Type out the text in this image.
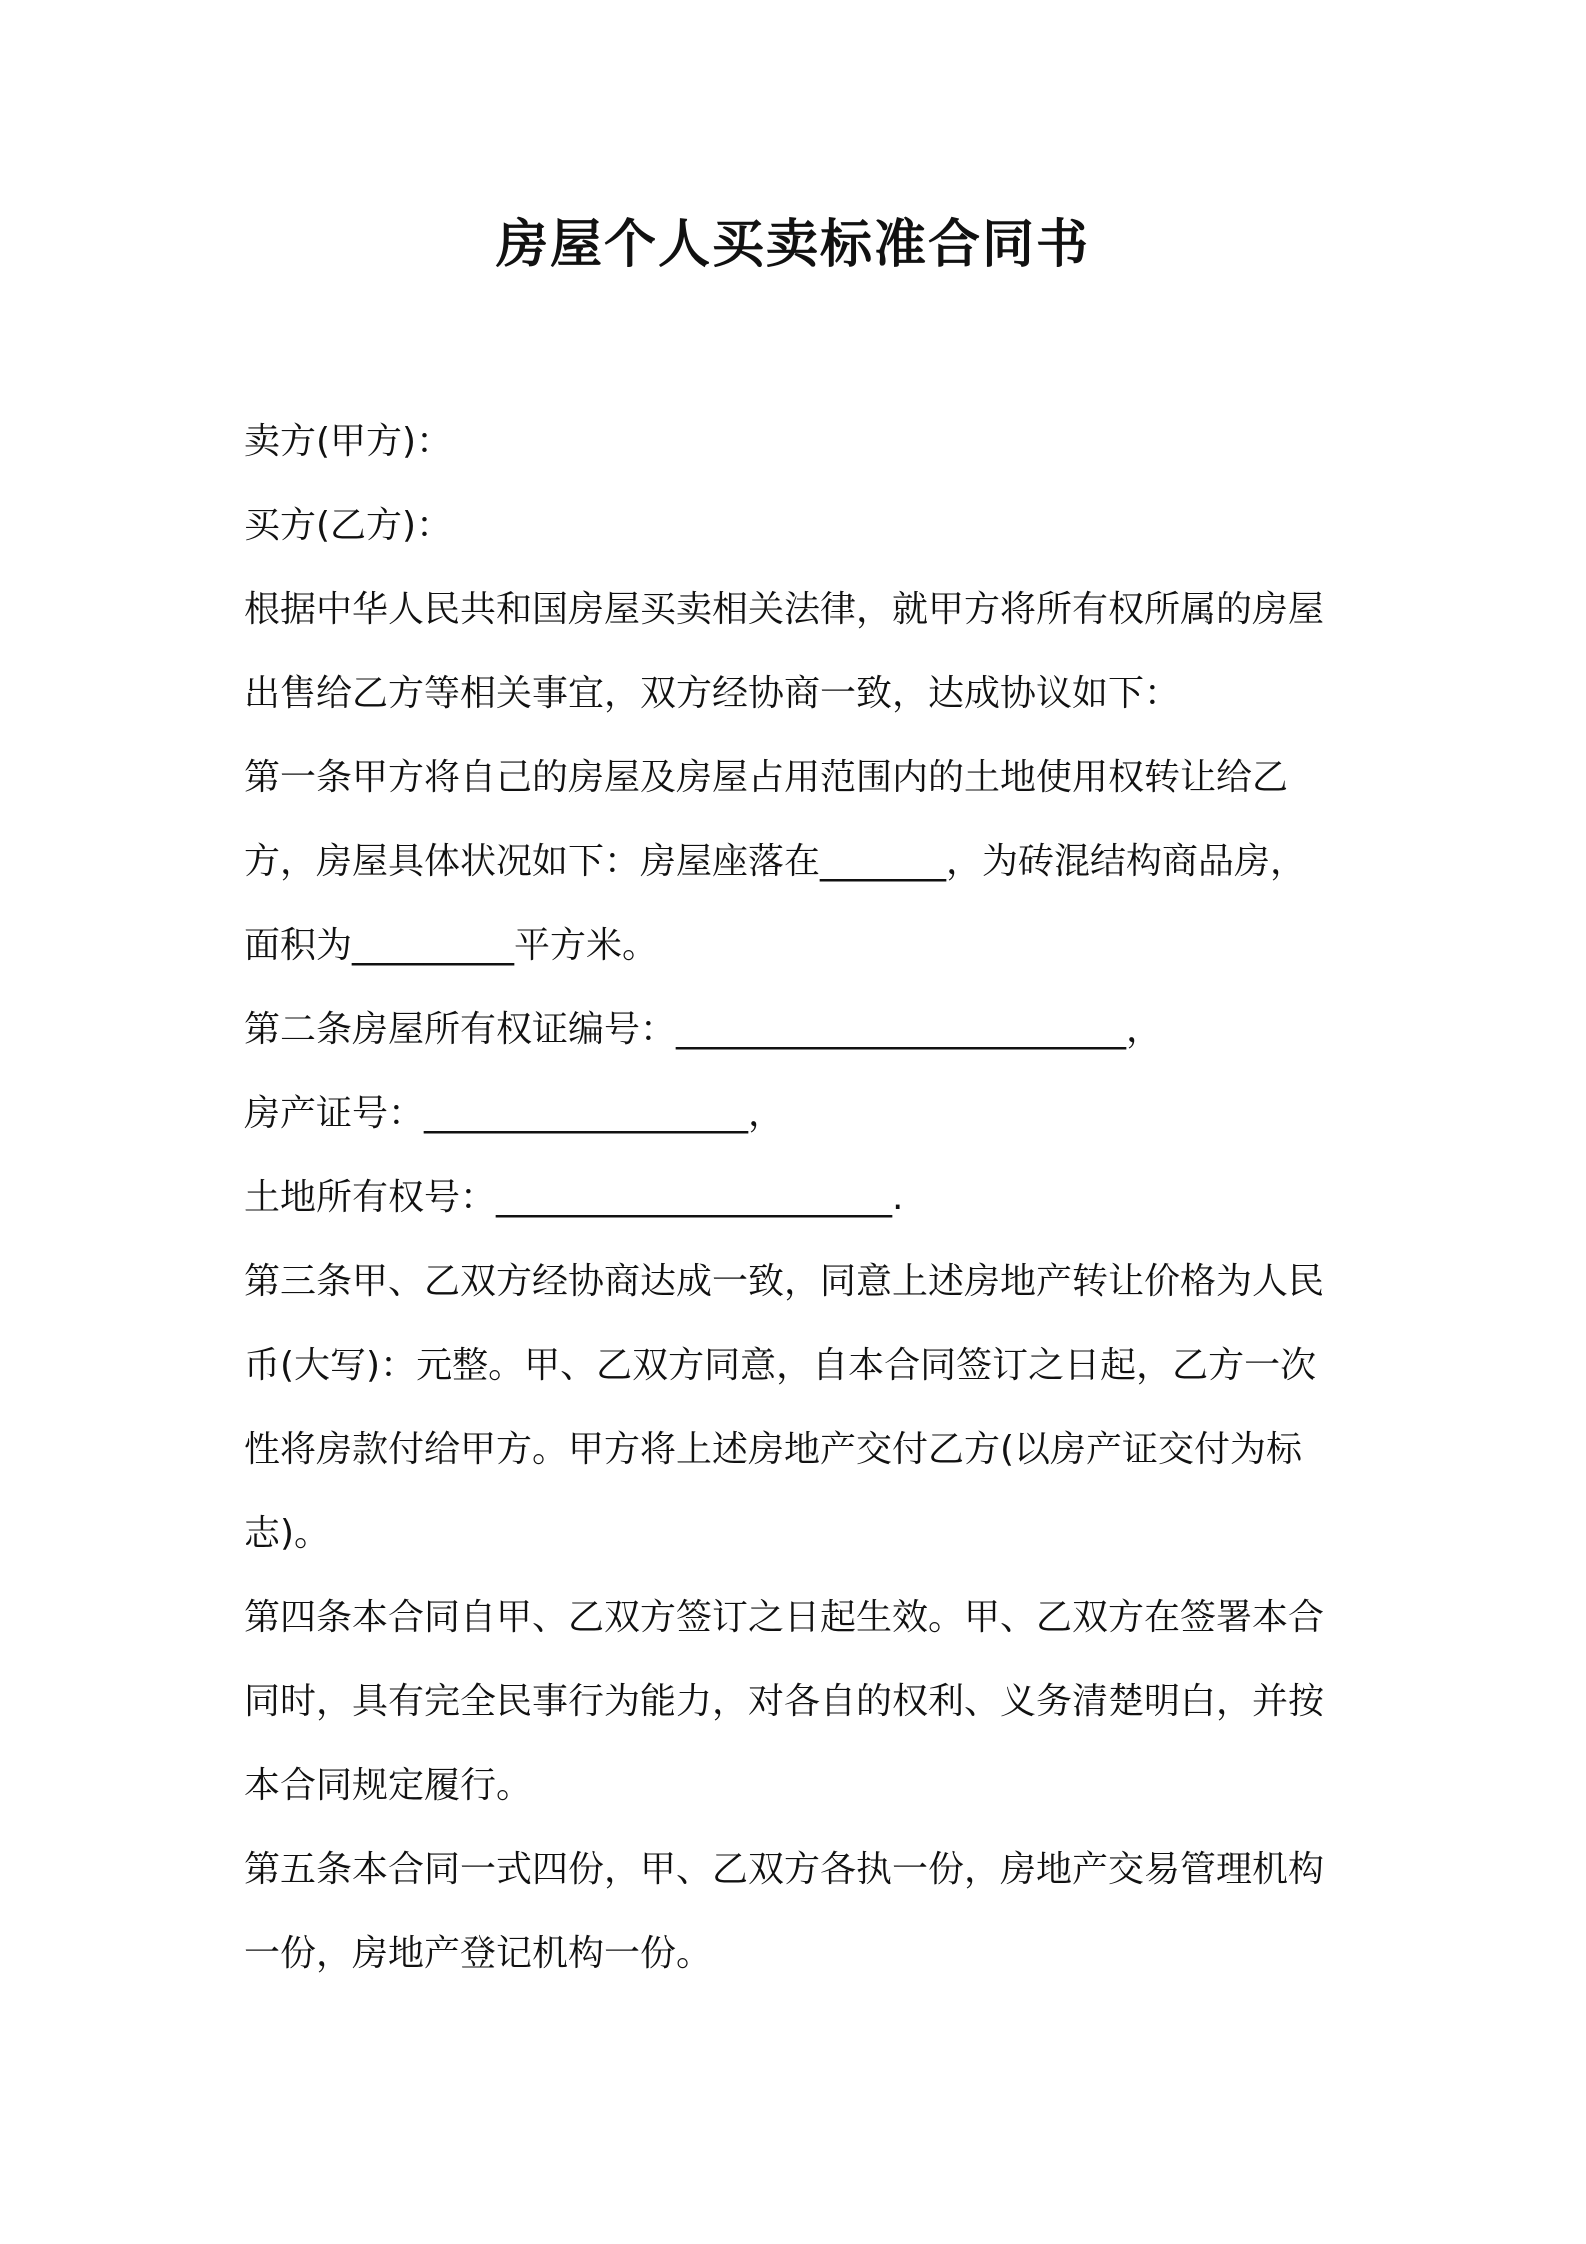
房屋个人买卖标准合同书
卖方(甲方)：
买方(乙方)：
根据中华人民共和国房屋买卖相关法律，就甲方将所有权所属的房屋
出售给乙方等相关事宜，双方经协商一致，达成协议如下：
第一条甲方将自己的房屋及房屋占用范围内的土地使用权转让给乙
方，房屋具体状况如下：房屋座落在_______，为砖混结构商品房，
面积为_________平方米。
第二条房屋所有权证编号：_________________________，
房产证号：__________________，
土地所有权号：______________________.
第三条甲、乙双方经协商达成一致，同意上述房地产转让价格为人民
币(大写)：元整。甲、乙双方同意，自本合同签订之日起，乙方一次
性将房款付给甲方。甲方将上述房地产交付乙方(以房产证交付为标
志)。
第四条本合同自甲、乙双方签订之日起生效。甲、乙双方在签署本合
同时，具有完全民事行为能力，对各自的权利、义务清楚明白，并按
本合同规定履行。
第五条本合同一式四份，甲、乙双方各执一份，房地产交易管理机构
一份，房地产登记机构一份。
